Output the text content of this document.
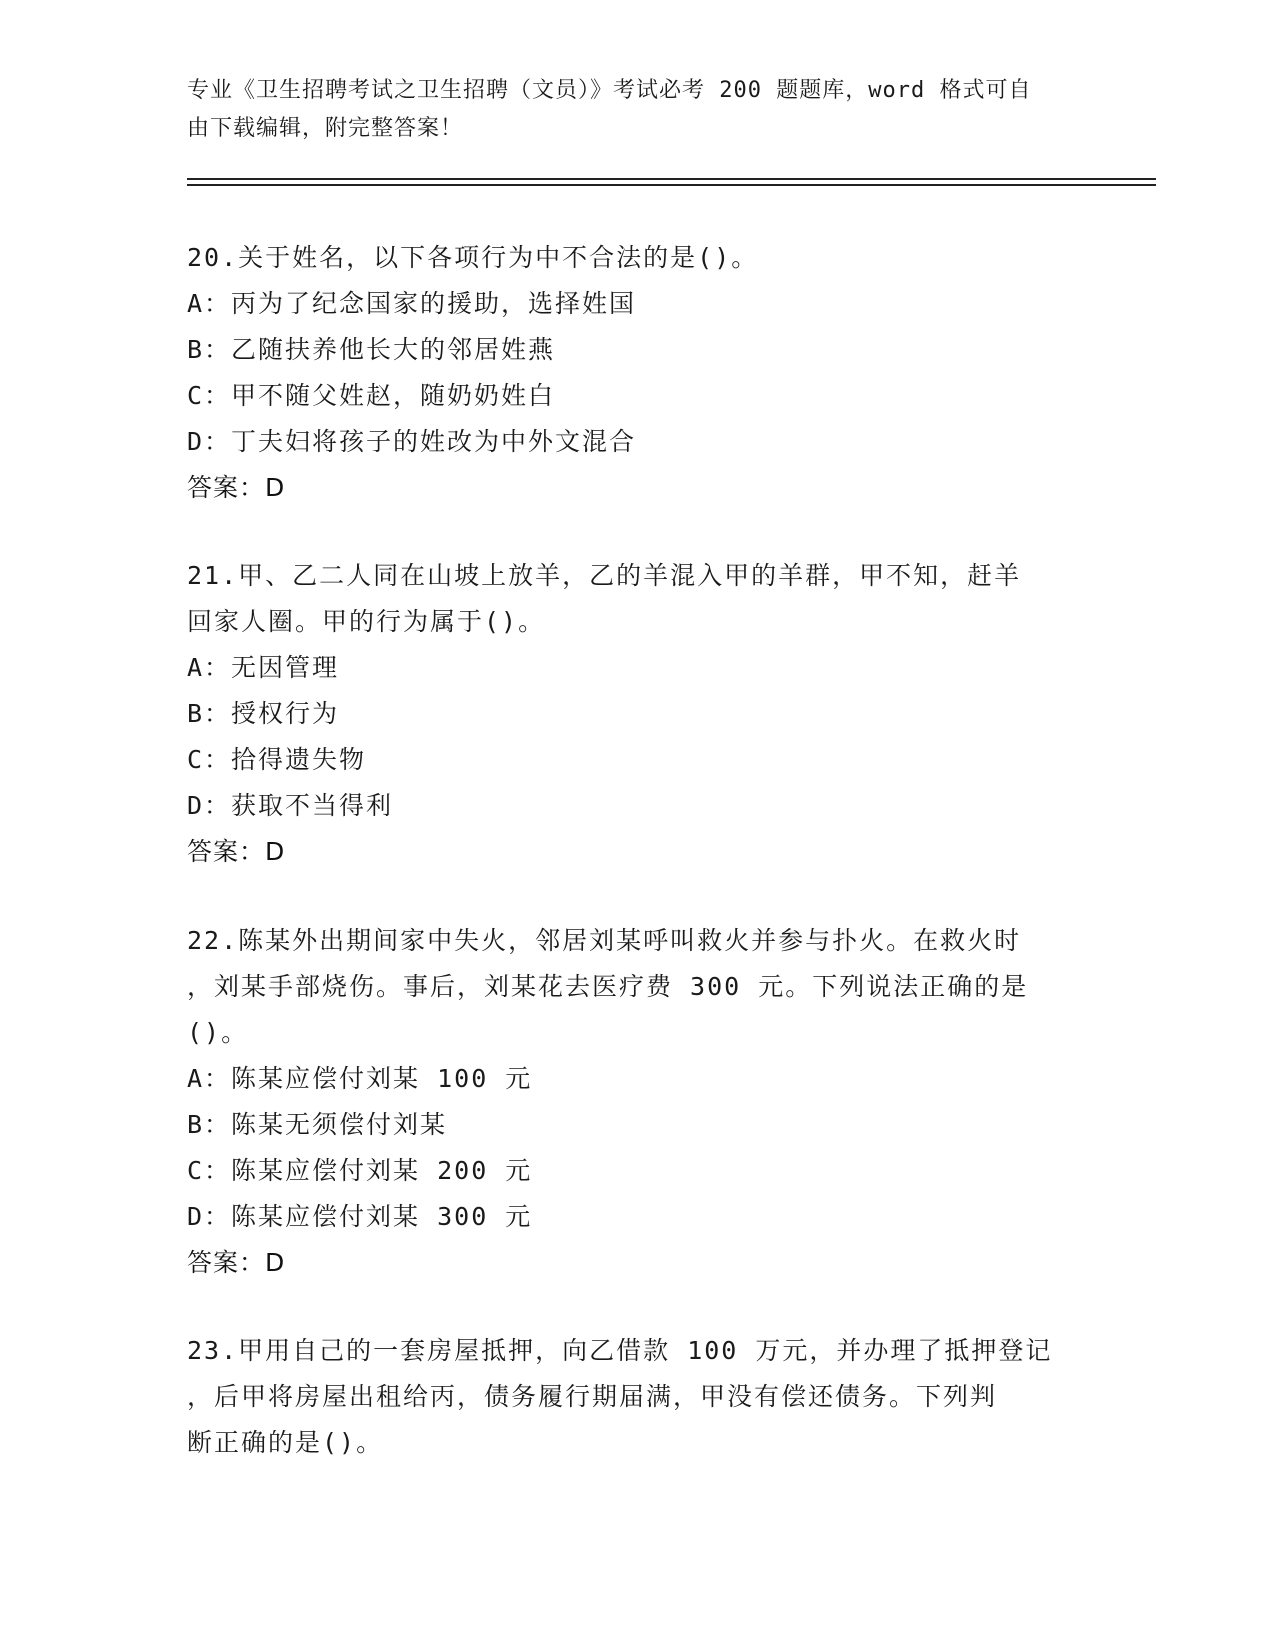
专业《卫生招聘考试之卫生招聘（文员）》考试必考 200 题题库，word 格式可自
由下载编辑，附完整答案！
20.关于姓名，以下各项行为中不合法的是()。
A：丙为了纪念国家的援助，选择姓国
B：乙随扶养他长大的邻居姓燕
C：甲不随父姓赵，随奶奶姓白
D：丁夫妇将孩子的姓改为中外文混合
答案：D
21.甲、乙二人同在山坡上放羊，乙的羊混入甲的羊群，甲不知，赶羊
回家人圈。甲的行为属于()。
A：无因管理
B：授权行为
C：拾得遗失物
D：获取不当得利
答案：D
22.陈某外出期间家中失火，邻居刘某呼叫救火并参与扑火。在救火时
，刘某手部烧伤。事后，刘某花去医疗费 300 元。下列说法正确的是
()。
A：陈某应偿付刘某 100 元
B：陈某无须偿付刘某
C：陈某应偿付刘某 200 元
D：陈某应偿付刘某 300 元
答案：D
23.甲用自己的一套房屋抵押，向乙借款 100 万元，并办理了抵押登记
，后甲将房屋出租给丙，债务履行期届满，甲没有偿还债务。下列判
断正确的是()。
